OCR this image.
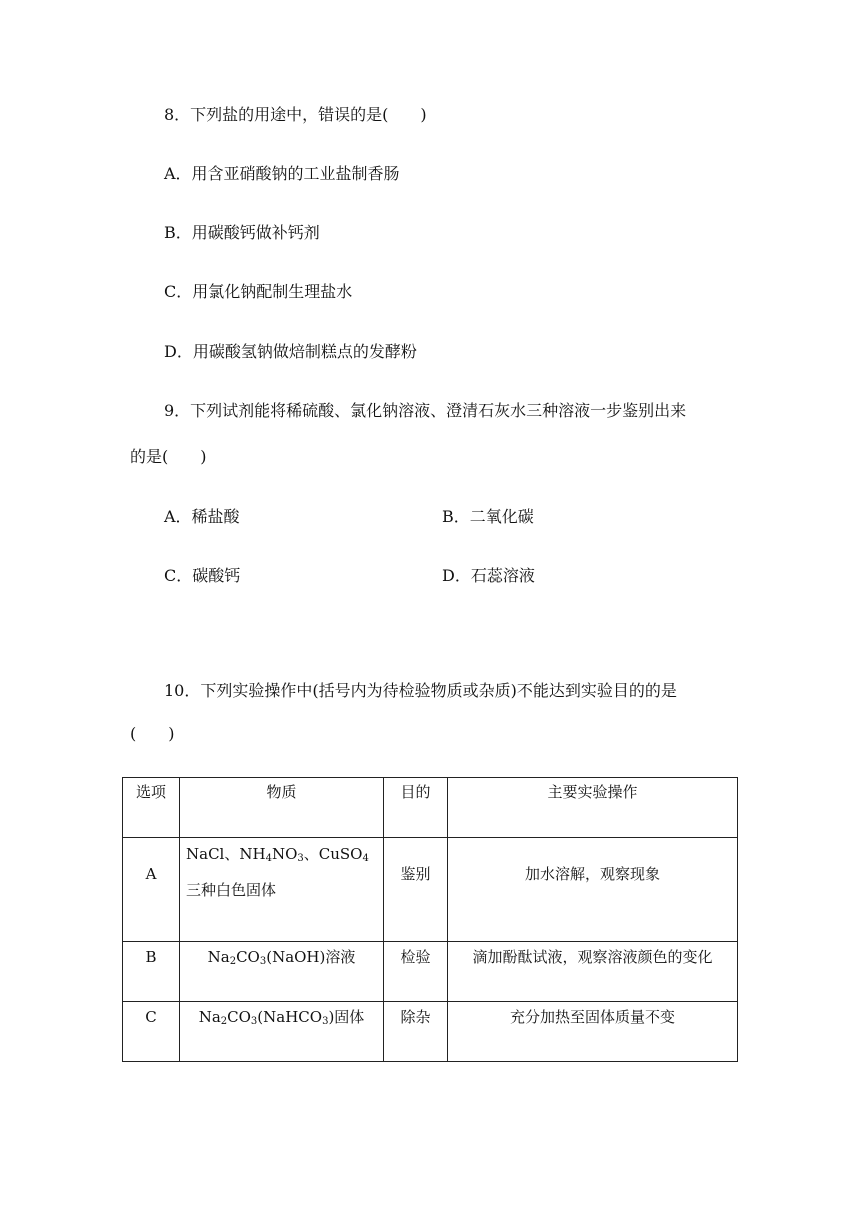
8．下列盐的用途中，错误的是(　　)
A．用含亚硝酸钠的工业盐制香肠
B．用碳酸钙做补钙剂
C．用氯化钠配制生理盐水
D．用碳酸氢钠做焙制糕点的发酵粉
9．下列试剂能将稀硫酸、氯化钠溶液、澄清石灰水三种溶液一步鉴别出来
的是(　　)
A．稀盐酸	B．二氧化碳
C．碳酸钙	D．石蕊溶液
10．下列实验操作中(括号内为待检验物质或杂质)不能达到实验目的的是
(　　)
选项	物质	目的	主要实验操作

A	NaCl、$NH_4NO_3$、CuSO$_4$
三种白色固体	鉴别	加水溶解，观察现象

B	$Na_2CO_3(NaOH)$溶液	检验	滴加酚酞试液，观察溶液颜色的变化

C	$Na_2CO_3(NaHCO_3)$固体	除杂	充分加热至固体质量不变
